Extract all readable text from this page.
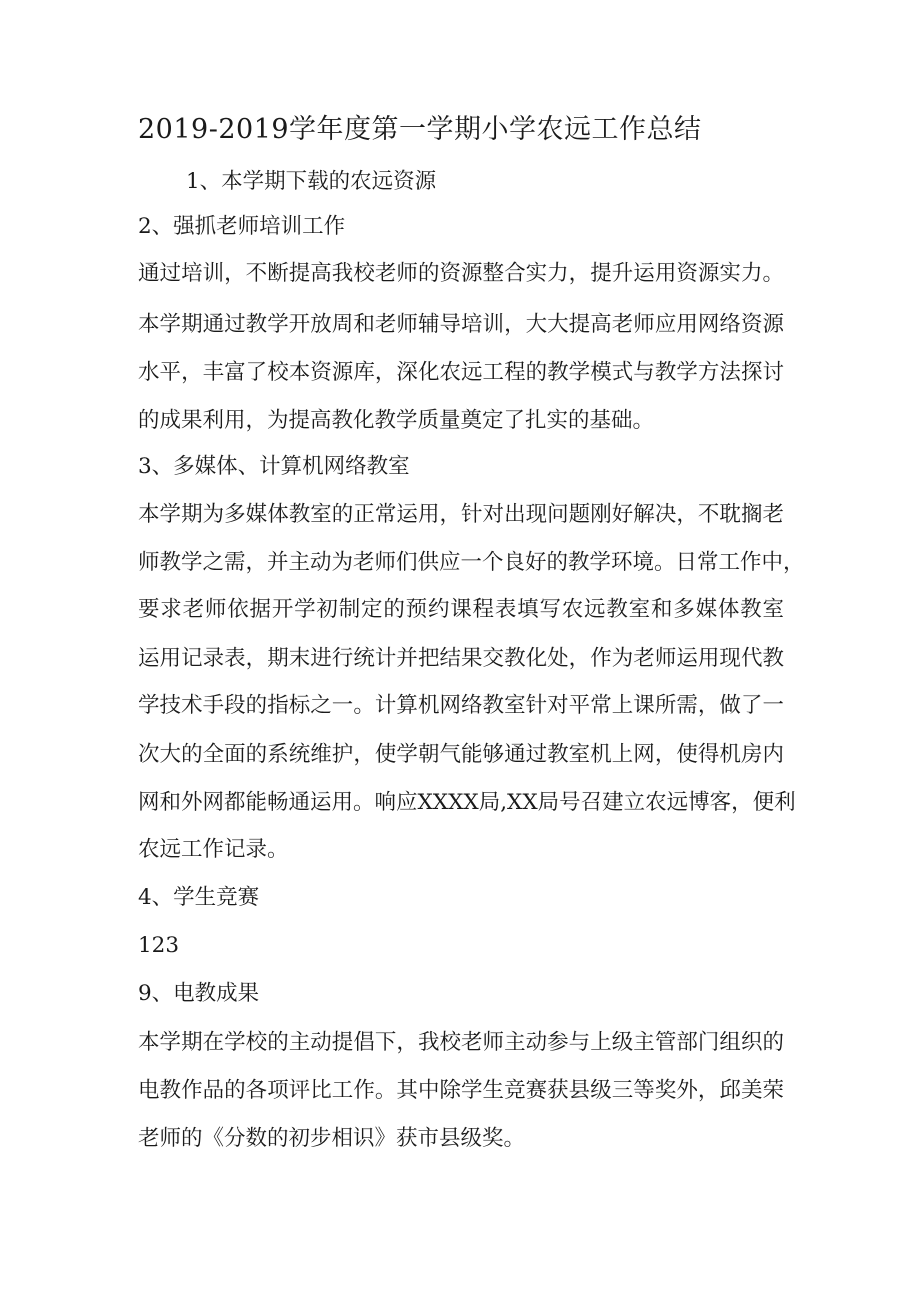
2019-2019学年度第一学期小学农远工作总结
1、本学期下载的农远资源
2、强抓老师培训工作
通过培训，不断提高我校老师的资源整合实力，提升运用资源实力。
本学期通过教学开放周和老师辅导培训，大大提高老师应用网络资源
水平，丰富了校本资源库，深化农远工程的教学模式与教学方法探讨
的成果利用，为提高教化教学质量奠定了扎实的基础。
3、多媒体、计算机网络教室
本学期为多媒体教室的正常运用，针对出现问题刚好解决，不耽搁老
师教学之需，并主动为老师们供应一个良好的教学环境。日常工作中，
要求老师依据开学初制定的预约课程表填写农远教室和多媒体教室
运用记录表，期末进行统计并把结果交教化处，作为老师运用现代教
学技术手段的指标之一。计算机网络教室针对平常上课所需，做了一
次大的全面的系统维护，使学朝气能够通过教室机上网，使得机房内
网和外网都能畅通运用。响应XXXX局,XX局号召建立农远博客，便利
农远工作记录。
4、学生竞赛
123
9、电教成果
本学期在学校的主动提倡下，我校老师主动参与上级主管部门组织的
电教作品的各项评比工作。其中除学生竞赛获县级三等奖外，邱美荣
老师的《分数的初步相识》获市县级奖。
